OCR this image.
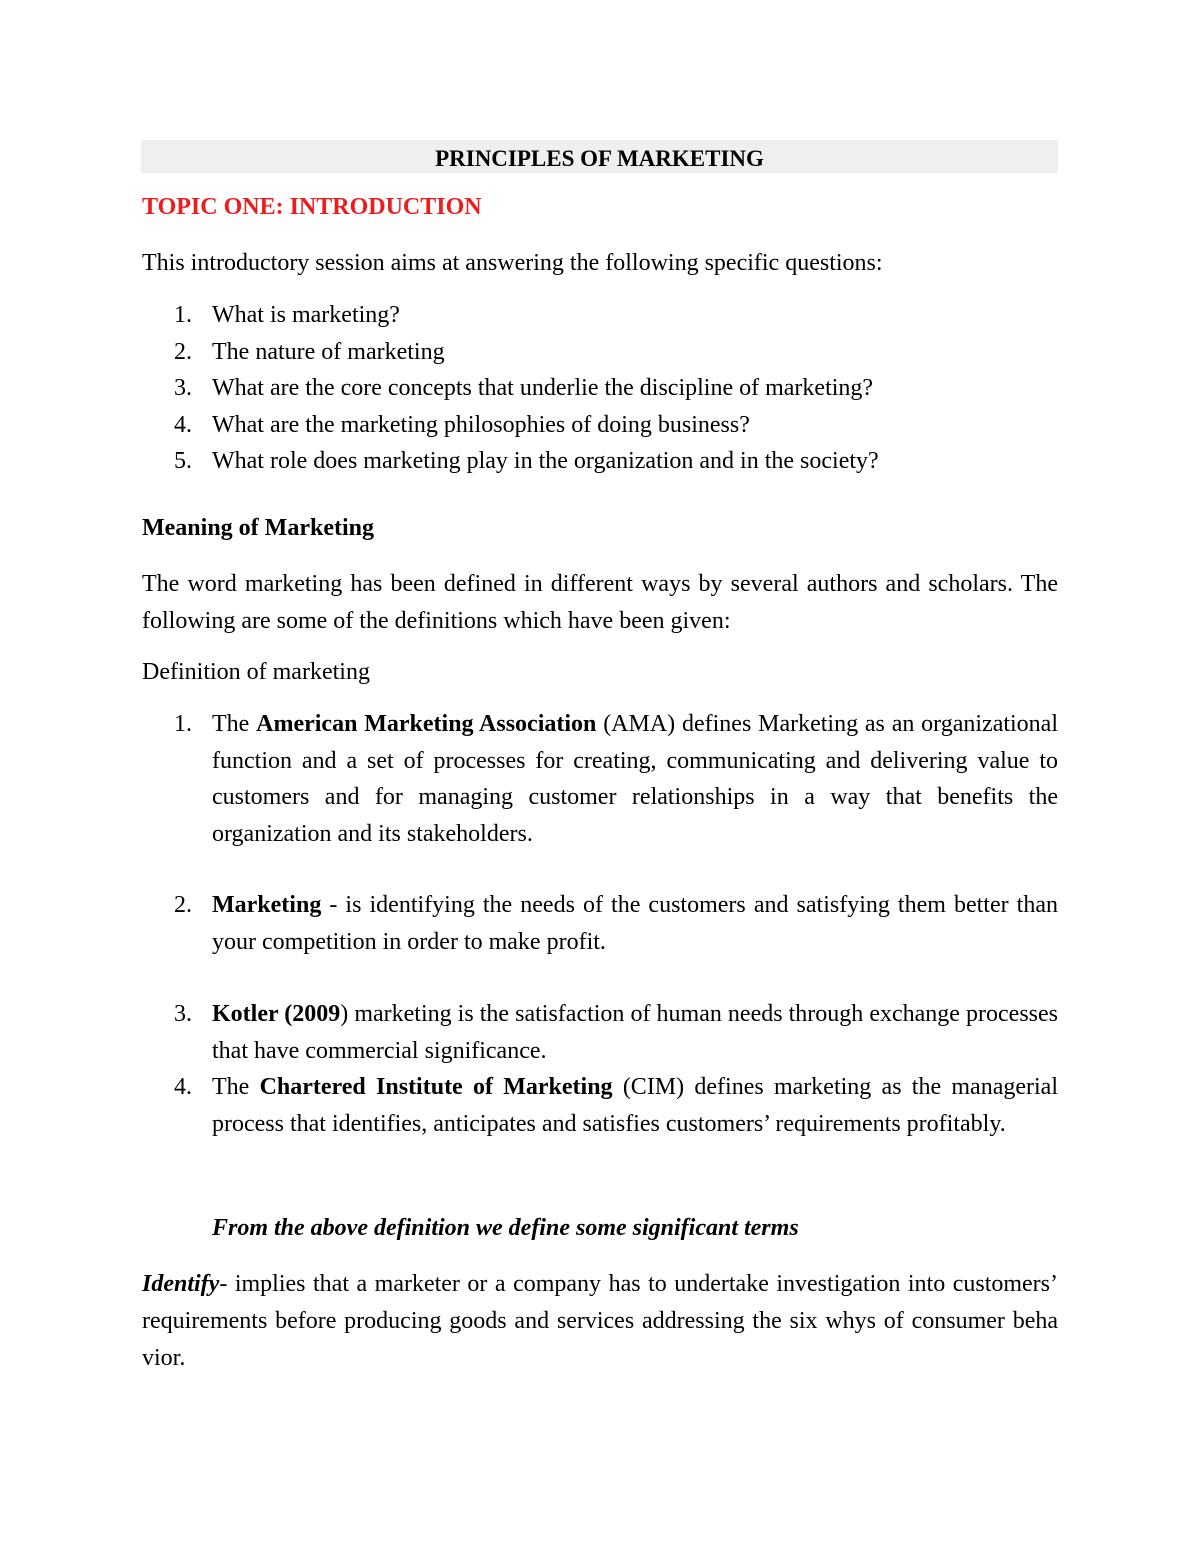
PRINCIPLES OF MARKETING
TOPIC ONE: INTRODUCTION
This introductory session aims at answering the following specific questions:
1. What is marketing?
2. The nature of marketing
3. What are the core concepts that underlie the discipline of marketing?
4. What are the marketing philosophies of doing business?
5. What role does marketing play in the organization and in the society?
Meaning of Marketing
The word marketing has been defined in different ways by several authors and scholars. The following are some of the definitions which have been given:
Definition of marketing
1. The American Marketing Association (AMA) defines Marketing as an organizational function and a set of processes for creating, communicating and delivering value to customers and for managing customer relationships in a way that benefits the organization and its stakeholders.
2. Marketing - is identifying the needs of the customers and satisfying them better than your competition in order to make profit.
3. Kotler (2009) marketing is the satisfaction of human needs through exchange processes that have commercial significance.
4. The Chartered Institute of Marketing (CIM) defines marketing as the managerial process that identifies, anticipates and satisfies customers’ requirements profitably.
From the above definition we define some significant terms
Identify- implies that a marketer or a company has to undertake investigation into customers’ requirements before producing goods and services addressing the six whys of consumer beha vior.
